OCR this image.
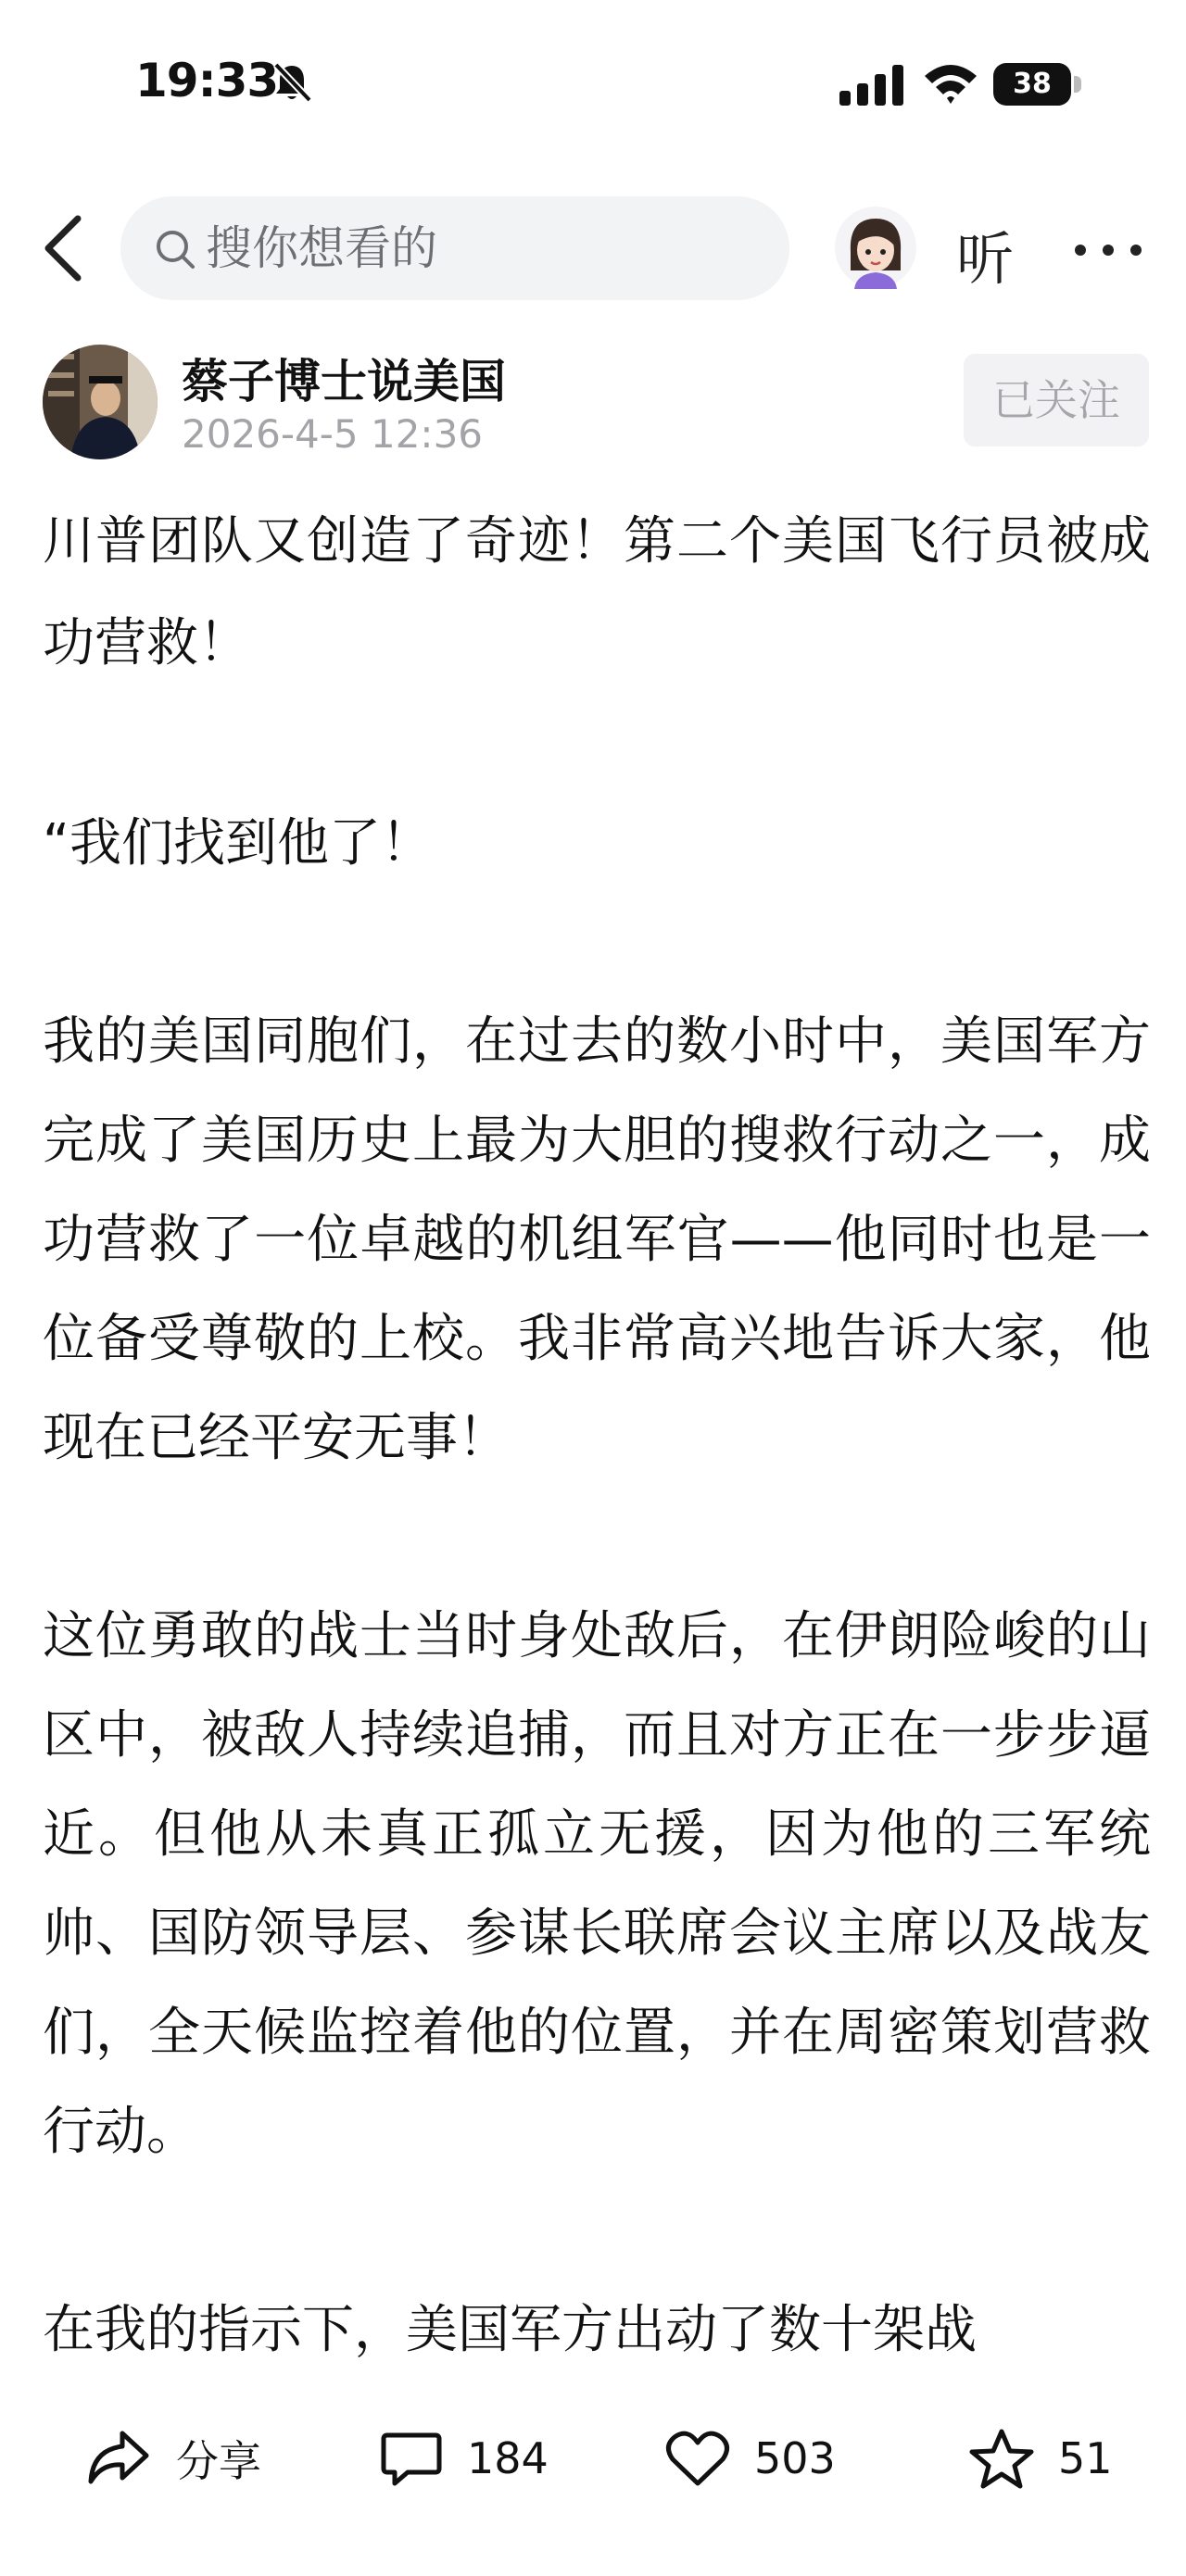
19:33	38
搜你想看的	听
蔡子博士说美国
2026-4-5 12:36
已关注

川普团队又创造了奇迹！第二个美国飞行员被成功营救！

“我们找到他了！

我的美国同胞们，在过去的数小时中，美国军方完成了美国历史上最为大胆的搜救行动之一，成功营救了一位卓越的机组军官——他同时也是一位备受尊敬的上校。我非常高兴地告诉大家，他现在已经平安无事！

这位勇敢的战士当时身处敌后，在伊朗险峻的山区中，被敌人持续追捕，而且对方正在一步步逼近。但他从未真正孤立无援，因为他的三军统帅、国防领导层、参谋长联席会议主席以及战友们，全天候监控着他的位置，并在周密策划营救行动。

在我的指示下，美国军方出动了数十架战

分享	184	503	51
